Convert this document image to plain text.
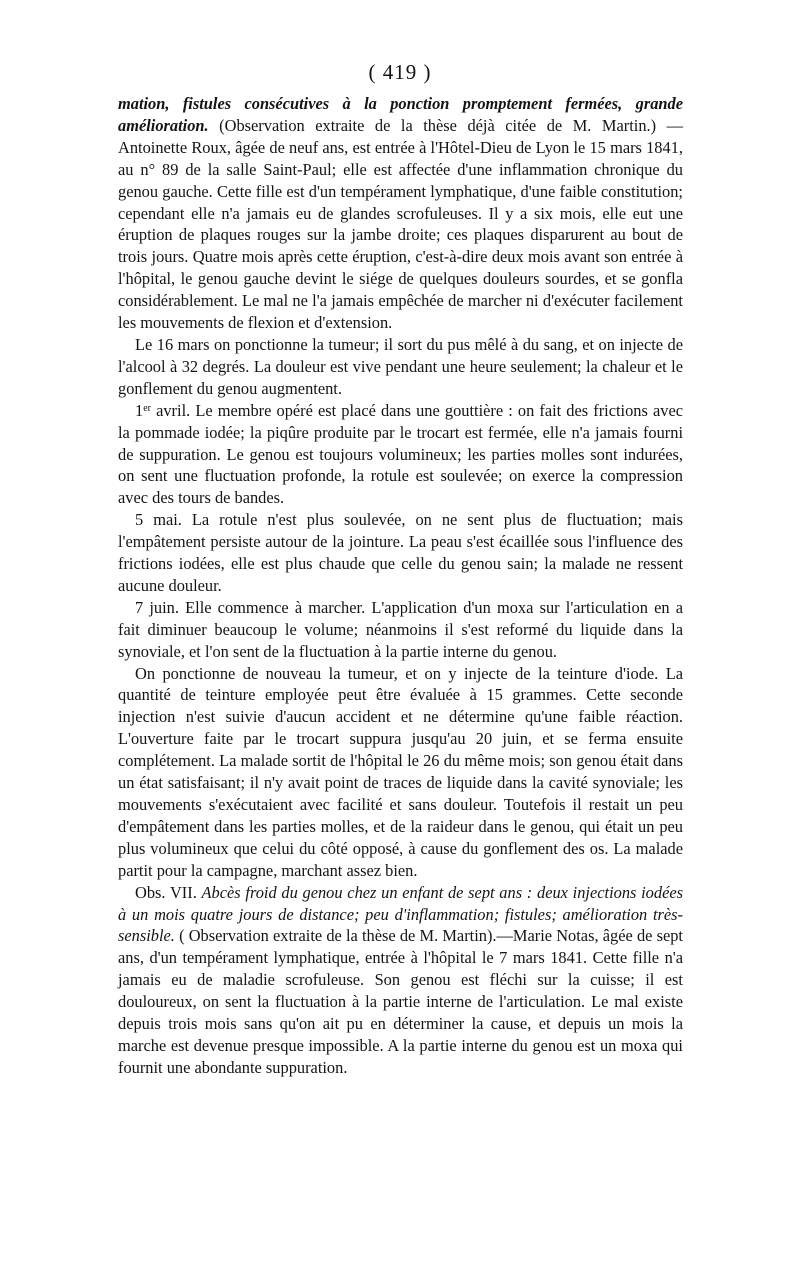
( 419 )

mation, fistules consécutives à la ponction promptement fermées, grande amélioration. (Observation extraite de la thèse déjà citée de M. Martin.) — Antoinette Roux, âgée de neuf ans, est entrée à l'Hôtel-Dieu de Lyon le 15 mars 1841, au n° 89 de la salle Saint-Paul; elle est affectée d'une inflammation chronique du genou gauche. Cette fille est d'un tempérament lymphatique, d'une faible constitution; cependant elle n'a jamais eu de glandes scrofuleuses. Il y a six mois, elle eut une éruption de plaques rouges sur la jambe droite; ces plaques disparurent au bout de trois jours. Quatre mois après cette éruption, c'est-à-dire deux mois avant son entrée à l'hôpital, le genou gauche devint le siége de quelques douleurs sourdes, et se gonfla considérablement. Le mal ne l'a jamais empêchée de marcher ni d'exécuter facilement les mouvements de flexion et d'extension.

Le 16 mars on ponctionne la tumeur; il sort du pus mêlé à du sang, et on injecte de l'alcool à 32 degrés. La douleur est vive pendant une heure seulement; la chaleur et le gonflement du genou augmentent.

1er avril. Le membre opéré est placé dans une gouttière : on fait des frictions avec la pommade iodée; la piqûre produite par le trocart est fermée, elle n'a jamais fourni de suppuration. Le genou est toujours volumineux; les parties molles sont indurées, on sent une fluctuation profonde, la rotule est soulevée; on exerce la compression avec des tours de bandes.

5 mai. La rotule n'est plus soulevée, on ne sent plus de fluctuation; mais l'empâtement persiste autour de la jointure. La peau s'est écaillée sous l'influence des frictions iodées, elle est plus chaude que celle du genou sain; la malade ne ressent aucune douleur.

7 juin. Elle commence à marcher. L'application d'un moxa sur l'articulation en a fait diminuer beaucoup le volume; néanmoins il s'est reformé du liquide dans la synoviale, et l'on sent de la fluctuation à la partie interne du genou.

On ponctionne de nouveau la tumeur, et on y injecte de la teinture d'iode. La quantité de teinture employée peut être évaluée à 15 grammes. Cette seconde injection n'est suivie d'aucun accident et ne détermine qu'une faible réaction. L'ouverture faite par le trocart suppura jusqu'au 20 juin, et se ferma ensuite complétement. La malade sortit de l'hôpital le 26 du même mois; son genou était dans un état satisfaisant; il n'y avait point de traces de liquide dans la cavité synoviale; les mouvements s'exécutaient avec facilité et sans douleur. Toutefois il restait un peu d'empâtement dans les parties molles, et de la raideur dans le genou, qui était un peu plus volumineux que celui du côté opposé, à cause du gonflement des os. La malade partit pour la campagne, marchant assez bien.

Obs. VII. Abcès froid du genou chez un enfant de sept ans : deux injections iodées à un mois quatre jours de distance; peu d'inflammation; fistules; amélioration très-sensible. ( Observation extraite de la thèse de M. Martin).—Marie Notas, âgée de sept ans, d'un tempérament lymphatique, entrée à l'hôpital le 7 mars 1841. Cette fille n'a jamais eu de maladie scrofuleuse. Son genou est fléchi sur la cuisse; il est douloureux, on sent la fluctuation à la partie interne de l'articulation. Le mal existe depuis trois mois sans qu'on ait pu en déterminer la cause, et depuis un mois la marche est devenue presque impossible. A la partie interne du genou est un moxa qui fournit une abondante suppuration.
